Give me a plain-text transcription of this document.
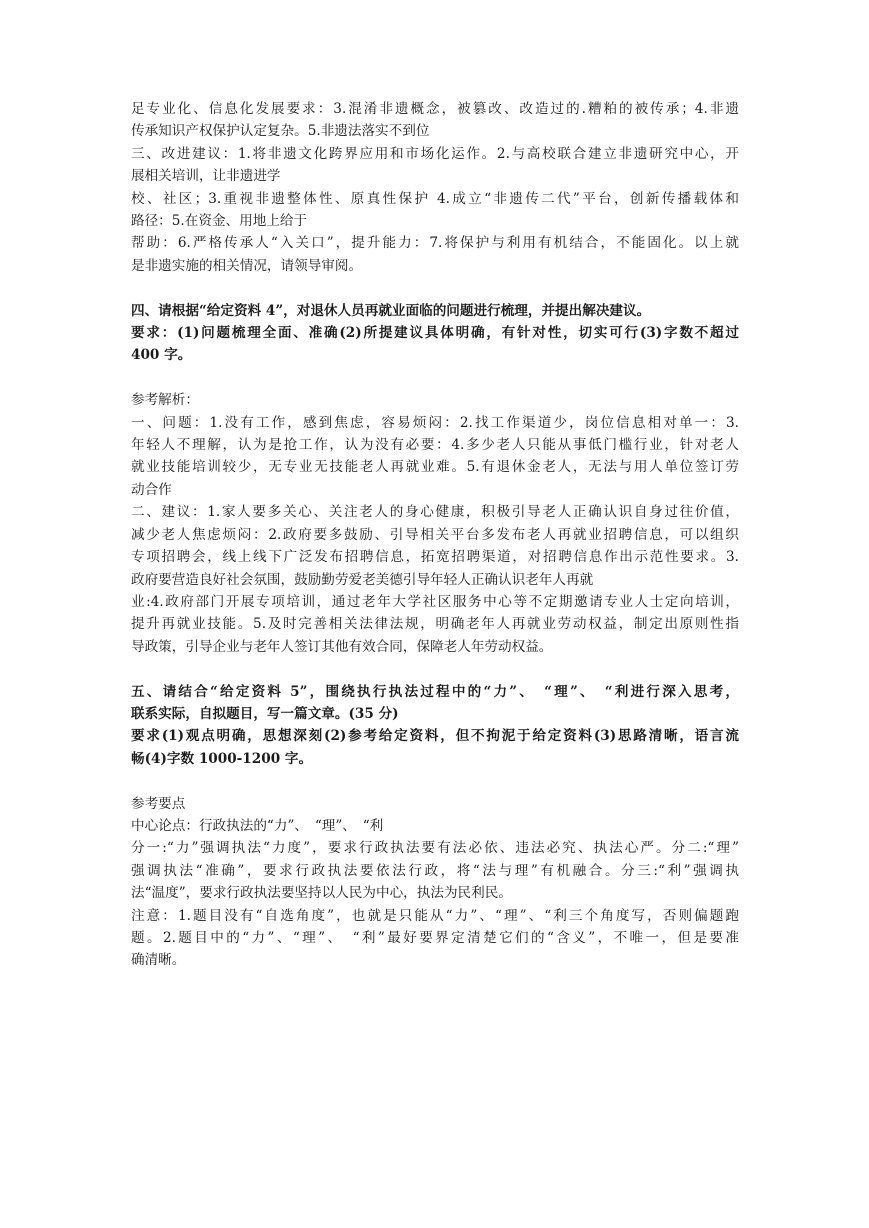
足专业化、信息化发展要求：3.混淆非遗概念，被篡改、改造过的.糟粕的被传承；4.非遗
传承知识产权保护认定复杂。5.非遗法落实不到位
三、改进建议：1.将非遗文化跨界应用和市场化运作。2.与高校联合建立非遗研究中心，开
展相关培训，让非遗进学
校、社区；3.重视非遗整体性、原真性保护 4.成立“非遗传二代”平台，创新传播载体和
路径：5.在资金、用地上给于
帮助：6.严格传承人“入关口”，提升能力：7.将保护与利用有机结合，不能固化。以上就
是非遗实施的相关情况，请领导审阅。
四、请根据“给定资料 4”，对退休人员再就业面临的问题进行梳理，并提出解决建议。
要求：(1)问题梳理全面、准确(2)所提建议具体明确，有针对性，切实可行(3)字数不超过
400 字。
参考解析：
一、问题：1.没有工作，感到焦虑，容易烦闷：2.找工作渠道少，岗位信息相对单一：3.
年轻人不理解，认为是抢工作，认为没有必要：4.多少老人只能从事低门槛行业，针对老人
就业技能培训较少，无专业无技能老人再就业难。5.有退休金老人，无法与用人单位签订劳
动合作
二、建议：1.家人要多关心、关注老人的身心健康，积极引导老人正确认识自身过往价值，
减少老人焦虑烦闷：2.政府要多鼓励、引导相关平台多发布老人再就业招聘信息，可以组织
专项招聘会，线上线下广泛发布招聘信息，拓宽招聘渠道，对招聘信息作出示范性要求。3.
政府要营造良好社会氛围，鼓励勤劳爱老美德引导年轻人正确认识老年人再就
业:4.政府部门开展专项培训，通过老年大学社区服务中心等不定期邀请专业人士定向培训，
提升再就业技能。5.及时完善相关法律法规，明确老年人再就业劳动权益，制定出原则性指
导政策，引导企业与老年人签订其他有效合同，保障老人年劳动权益。
五、请结合“给定资料 5”，围绕执行执法过程中的“力”、　“理”、　“利进行深入思考，
联系实际，自拟题目，写一篇文章。(35 分)
要求(1)观点明确，思想深刻(2)参考给定资料，但不拘泥于给定资料(3)思路清晰，语言流
畅(4)字数 1000-1200 字。
参考要点
中心论点：行政执法的“力”、　“理”、　“利
分一:“力”强调执法“力度”，要求行政执法要有法必依、违法必究、执法心严。分二:“理”
强调执法“准确”，要求行政执法要依法行政，将“法与理”有机融合。分三:“利”强调执
法“温度”，要求行政执法要坚持以人民为中心，执法为民利民。
注意：1.题目没有“自选角度”，也就是只能从“力”、“理”、“利三个角度写，否则偏题跑
题。2.题目中的“力”、“理”、　“利”最好要界定清楚它们的“含义”，不唯一，但是要准
确清晰。
